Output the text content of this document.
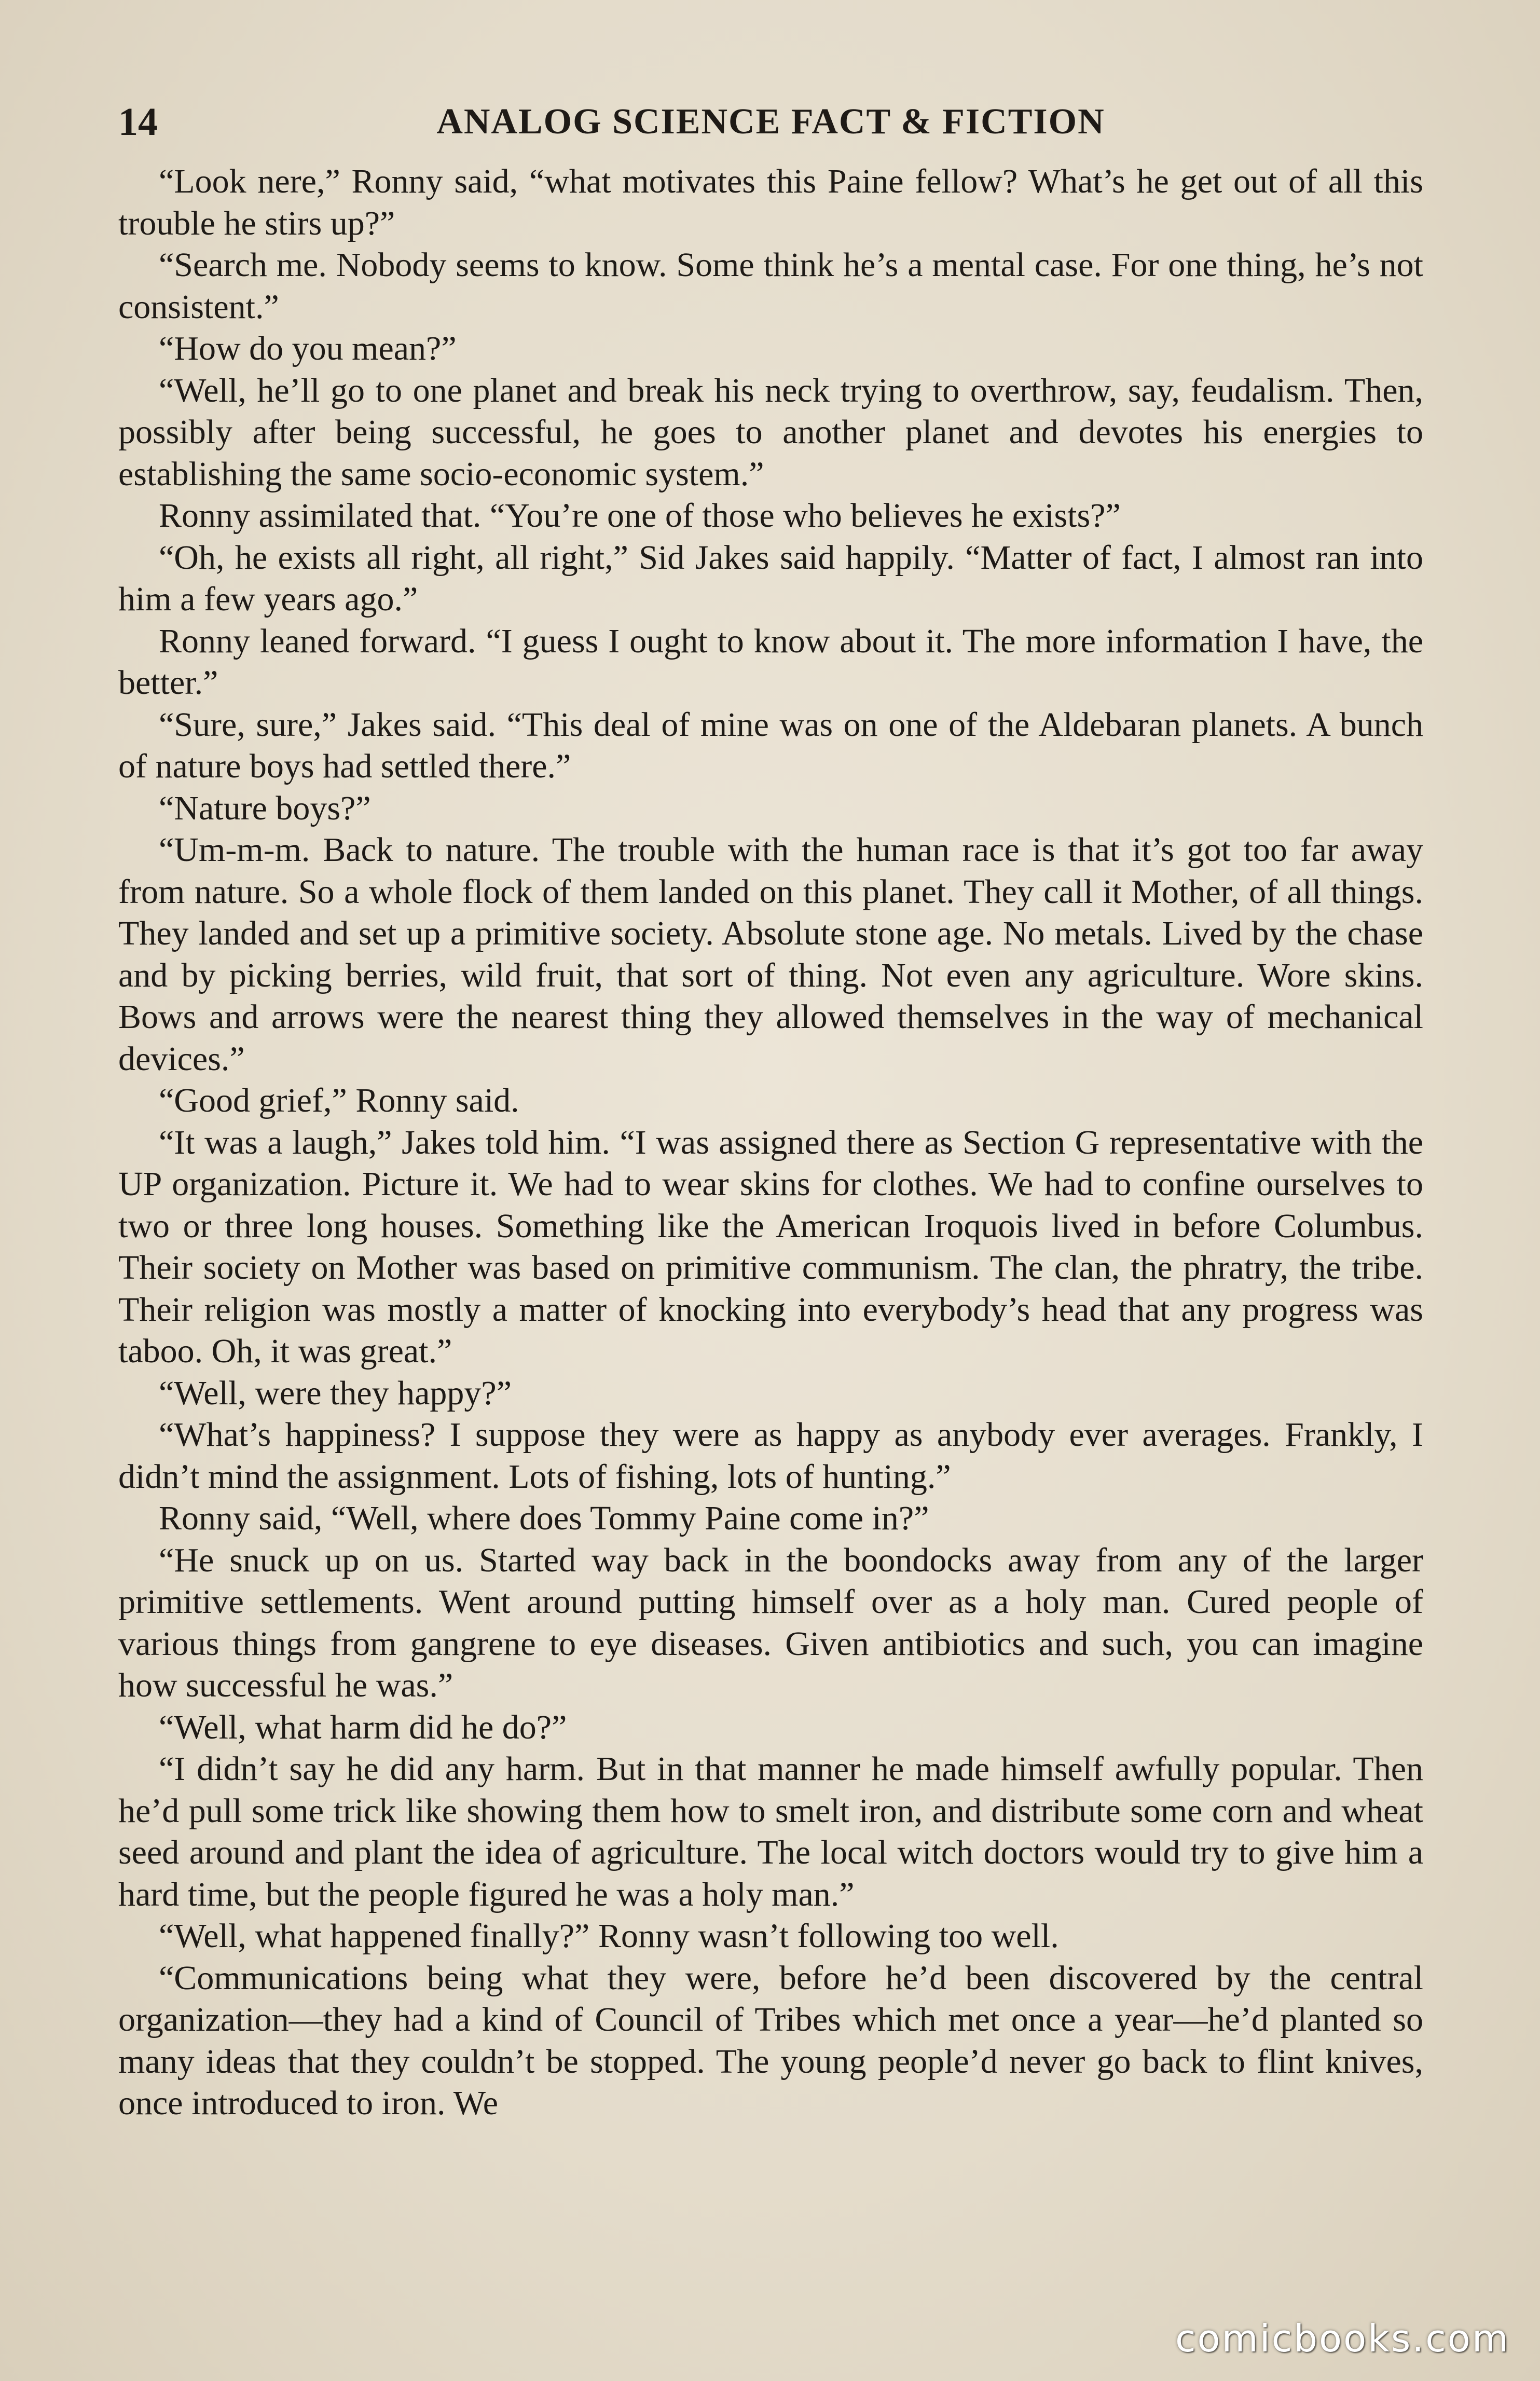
14	ANALOG SCIENCE FACT & FICTION

“Look nere,” Ronny said, “what motivates this Paine fellow? What’s he get out of all this trouble he stirs up?”

“Search me. Nobody seems to know. Some think he’s a mental case. For one thing, he’s not consistent.”

“How do you mean?”

“Well, he’ll go to one planet and break his neck trying to overthrow, say, feudalism. Then, possibly after being successful, he goes to another planet and devotes his energies to establishing the same socio-economic system.”

Ronny assimilated that. “You’re one of those who believes he exists?”

“Oh, he exists all right, all right,” Sid Jakes said happily. “Matter of fact, I almost ran into him a few years ago.”

Ronny leaned forward. “I guess I ought to know about it. The more information I have, the better.”

“Sure, sure,” Jakes said. “This deal of mine was on one of the Aldebaran planets. A bunch of nature boys had settled there.”

“Nature boys?”

“Um-m-m. Back to nature. The trouble with the human race is that it’s got too far away from nature. So a whole flock of them landed on this planet. They call it Mother, of all things. They landed and set up a primitive society. Absolute stone age. No metals. Lived by the chase and by picking berries, wild fruit, that sort of thing. Not even any agriculture. Wore skins. Bows and arrows were the nearest thing they allowed themselves in the way of mechanical devices.”

“Good grief,” Ronny said.

“It was a laugh,” Jakes told him. “I was assigned there as Section G representative with the UP organization. Picture it. We had to wear skins for clothes. We had to confine ourselves to two or three long houses. Something like the American Iroquois lived in before Columbus. Their society on Mother was based on primitive communism. The clan, the phratry, the tribe. Their religion was mostly a matter of knocking into everybody’s head that any progress was taboo. Oh, it was great.”

“Well, were they happy?”

“What’s happiness? I suppose they were as happy as anybody ever averages. Frankly, I didn’t mind the assignment. Lots of fishing, lots of hunting.”

Ronny said, “Well, where does Tommy Paine come in?”

“He snuck up on us. Started way back in the boondocks away from any of the larger primitive settlements. Went around putting himself over as a holy man. Cured people of various things from gangrene to eye diseases. Given antibiotics and such, you can imagine how successful he was.”

“Well, what harm did he do?”

“I didn’t say he did any harm. But in that manner he made himself awfully popular. Then he’d pull some trick like showing them how to smelt iron, and distribute some corn and wheat seed around and plant the idea of agriculture. The local witch doctors would try to give him a hard time, but the people figured he was a holy man.”

“Well, what happened finally?” Ronny wasn’t following too well.

“Communications being what they were, before he’d been discovered by the central organization—they had a kind of Council of Tribes which met once a year—he’d planted so many ideas that they couldn’t be stopped. The young people’d never go back to flint knives, once introduced to iron. We

comicbooks.com
